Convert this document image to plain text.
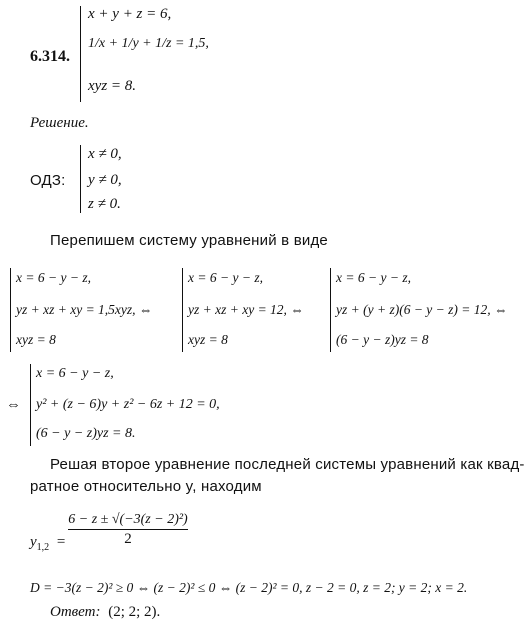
6.314.
x + y + z = 6,
1/x + 1/y + 1/z = 1,5,
xyz = 8.
Решение.
ОДЗ:
x ≠ 0,
y ≠ 0,
z ≠ 0.
Перепишем систему уравнений в виде
x = 6 − y − z,
yz + xz + xy = 1,5xyz, ⇔
xyz = 8
x = 6 − y − z,
yz + xz + xy = 12, ⇔
xyz = 8
x = 6 − y − z,
yz + (y + z)(6 − y − z) = 12, ⇔
(6 − y − z)yz = 8
⇔
x = 6 − y − z,
y² + (z − 6)y + z² − 6z + 12 = 0,
(6 − y − z)yz = 8.
Решая второе уравнение последней системы уравнений как квад-
ратное относительно y, находим
$y_{1,2}$ =
6 − z ± √(−3(z − 2)²)
2
D = −3(z − 2)² ≥ 0 ⇔ (z − 2)² ≤ 0 ⇔ (z − 2)² = 0, z − 2 = 0, z = 2; y = 2; x = 2.
Ответ: (2; 2; 2).
